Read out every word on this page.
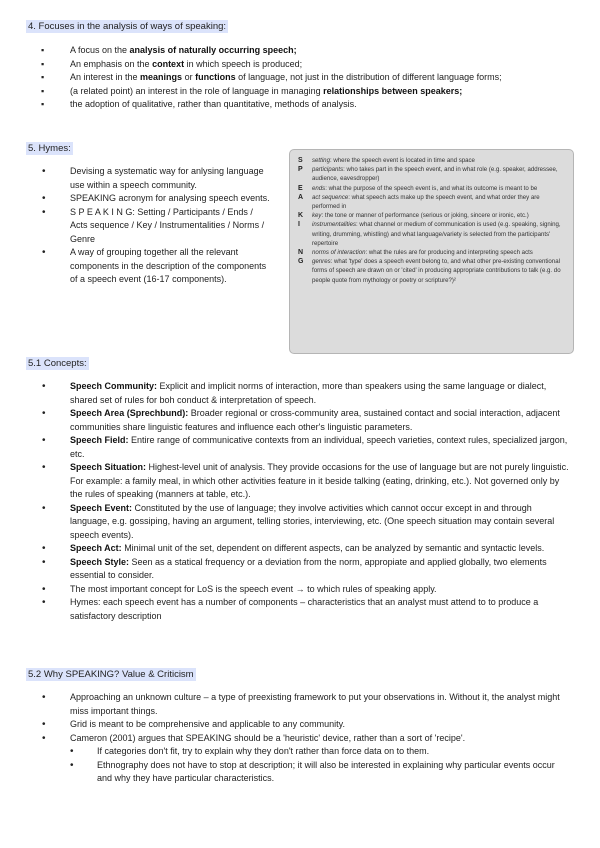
4. Focuses in the analysis of ways of speaking:
▪ A focus on the analysis of naturally occurring speech;
▪ An emphasis on the context in which speech is produced;
▪ An interest in the meanings or functions of language, not just in the distribution of different language forms;
▪ (a related point) an interest in the role of language in managing relationships between speakers;
▪ the adoption of qualitative, rather than quantitative, methods of analysis.
5. Hymes:
• Devising a systematic way for anlysing language use within a speech community.
• SPEAKING acronym for analysing speech events.
• S P E A K I N G: Setting / Participants / Ends / Acts sequence / Key / Instrumentalities / Norms / Genre
• A way of grouping together all the relevant components in the description of the components of a speech event (16-17 components).
S	setting: where the speech event is located in time and space
P	participants: who takes part in the speech event, and in what role (e.g. speaker, addressee, audience, eavesdropper)
E	ends: what the purpose of the speech event is, and what its outcome is meant to be
A	act sequence: what speech acts make up the speech event, and what order they are performed in
K	key: the tone or manner of performance (serious or joking, sincere or ironic, etc.)
I	instrumentalities: what channel or medium of communication is used (e.g. speaking, signing, writing, drumming, whistling) and what language/variety is selected from the participants' repertoire
N	norms of interaction: what the rules are for producing and interpreting speech acts
G	genres: what 'type' does a speech event belong to, and what other pre-existing conventional forms of speech are drawn on or 'cited' in producing appropriate contributions to talk (e.g. do people quote from mythology or poetry or scripture?)²
5.1 Concepts:
• Speech Community: Explicit and implicit norms of interaction, more than speakers using the same language or dialect, shared set of rules for boh conduct & interpretation of speech.
• Speech Area (Sprechbund): Broader regional or cross-community area, sustained contact and social interaction, adjacent communities share linguistic features and influence each other's linguistic parameters.
• Speech Field: Entire range of communicative contexts from an individual, speech varieties, context rules, specialized jargon, etc.
• Speech Situation: Highest-level unit of analysis. They provide occasions for the use of language but are not purely linguistic. For example: a family meal, in which other activities feature in it beside talking (eating, drinking, etc.). Not governed only by the rules of speaking (manners at table, etc.).
• Speech Event: Constituted by the use of language; they involve activities which cannot occur except in and through language, e.g. gossiping, having an argument, telling stories, interviewing, etc. (One speech situation may contain several speech events).
• Speech Act: Minimal unit of the set, dependent on different aspects, can be analyzed by semantic and syntactic levels.
• Speech Style: Seen as a statical frequency or a deviation from the norm, appropiate and applied globally, two elements essential to consider.
• The most important concept for LoS is the speech event → to which rules of speaking apply.
• Hymes: each speech event has a number of components – characteristics that an analyst must attend to to produce a satisfactory description
5.2 Why SPEAKING? Value & Criticism
• Approaching an unknown culture – a type of preexisting framework to put your observations in. Without it, the analyst might miss important things.
• Grid is meant to be comprehensive and applicable to any community.
• Cameron (2001) argues that SPEAKING should be a 'heuristic' device, rather than a sort of 'recipe'.
• If categories don't fit, try to explain why they don't rather than force data on to them.
• Ethnography does not have to stop at description; it will also be interested in explaining why particular events occur and why they have particular characteristics.
